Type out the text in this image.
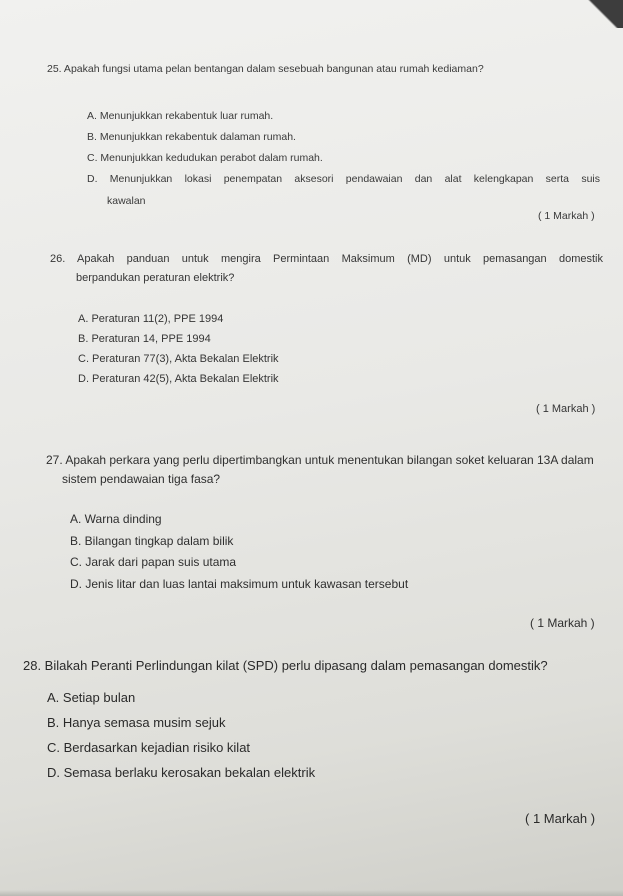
25. Apakah fungsi utama pelan bentangan dalam sesebuah bangunan atau rumah kediaman?
A. Menunjukkan rekabentuk luar rumah.
B. Menunjukkan rekabentuk dalaman rumah.
C. Menunjukkan kedudukan perabot dalam rumah.
D. Menunjukkan lokasi penempatan aksesori pendawaian dan alat kelengkapan serta suis
kawalan
( 1 Markah )
26. Apakah panduan untuk mengira Permintaan Maksimum (MD) untuk pemasangan domestik
berpandukan peraturan elektrik?
A. Peraturan 11(2), PPE 1994
B. Peraturan 14, PPE 1994
C. Peraturan 77(3), Akta Bekalan Elektrik
D. Peraturan 42(5), Akta Bekalan Elektrik
( 1 Markah )
27. Apakah perkara yang perlu dipertimbangkan untuk menentukan bilangan soket keluaran 13A dalam
sistem pendawaian tiga fasa?
A. Warna dinding
B. Bilangan tingkap dalam bilik
C. Jarak dari papan suis utama
D. Jenis litar dan luas lantai maksimum untuk kawasan tersebut
( 1 Markah )
28. Bilakah Peranti Perlindungan kilat (SPD) perlu dipasang dalam pemasangan domestik?
A. Setiap bulan
B. Hanya semasa musim sejuk
C. Berdasarkan kejadian risiko kilat
D. Semasa berlaku kerosakan bekalan elektrik
( 1 Markah )
